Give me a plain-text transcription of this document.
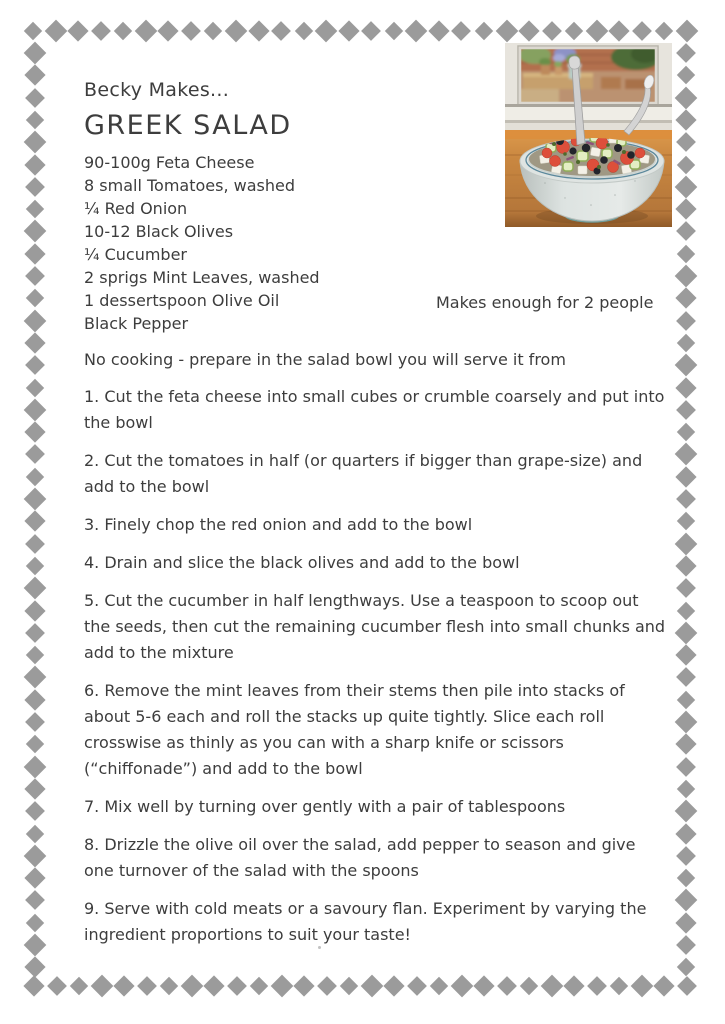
Becky Makes...
GREEK SALAD
90-100g Feta Cheese
8 small Tomatoes, washed
¼ Red Onion
10-12 Black Olives
¼ Cucumber
2 sprigs Mint Leaves, washed
1 dessertspoon Olive Oil
Black Pepper
Makes enough for 2 people

No cooking - prepare in the salad bowl you will serve it from

1. Cut the feta cheese into small cubes or crumble coarsely and put into the bowl

2. Cut the tomatoes in half (or quarters if bigger than grape-size) and add to the bowl

3. Finely chop the red onion and add to the bowl

4. Drain and slice the black olives and add to the bowl

5. Cut the cucumber in half lengthways. Use a teaspoon to scoop out the seeds, then cut the remaining cucumber flesh into small chunks and add to the mixture

6. Remove the mint leaves from their stems then pile into stacks of about 5-6 each and roll the stacks up quite tightly. Slice each roll crosswise as thinly as you can with a sharp knife or scissors (“chiffonade”) and add to the bowl

7. Mix well by turning over gently with a pair of tablespoons

8. Drizzle the olive oil over the salad, add pepper to season and give one turnover of the salad with the spoons

9. Serve with cold meats or a savoury flan. Experiment by varying the ingredient proportions to suit your taste!
